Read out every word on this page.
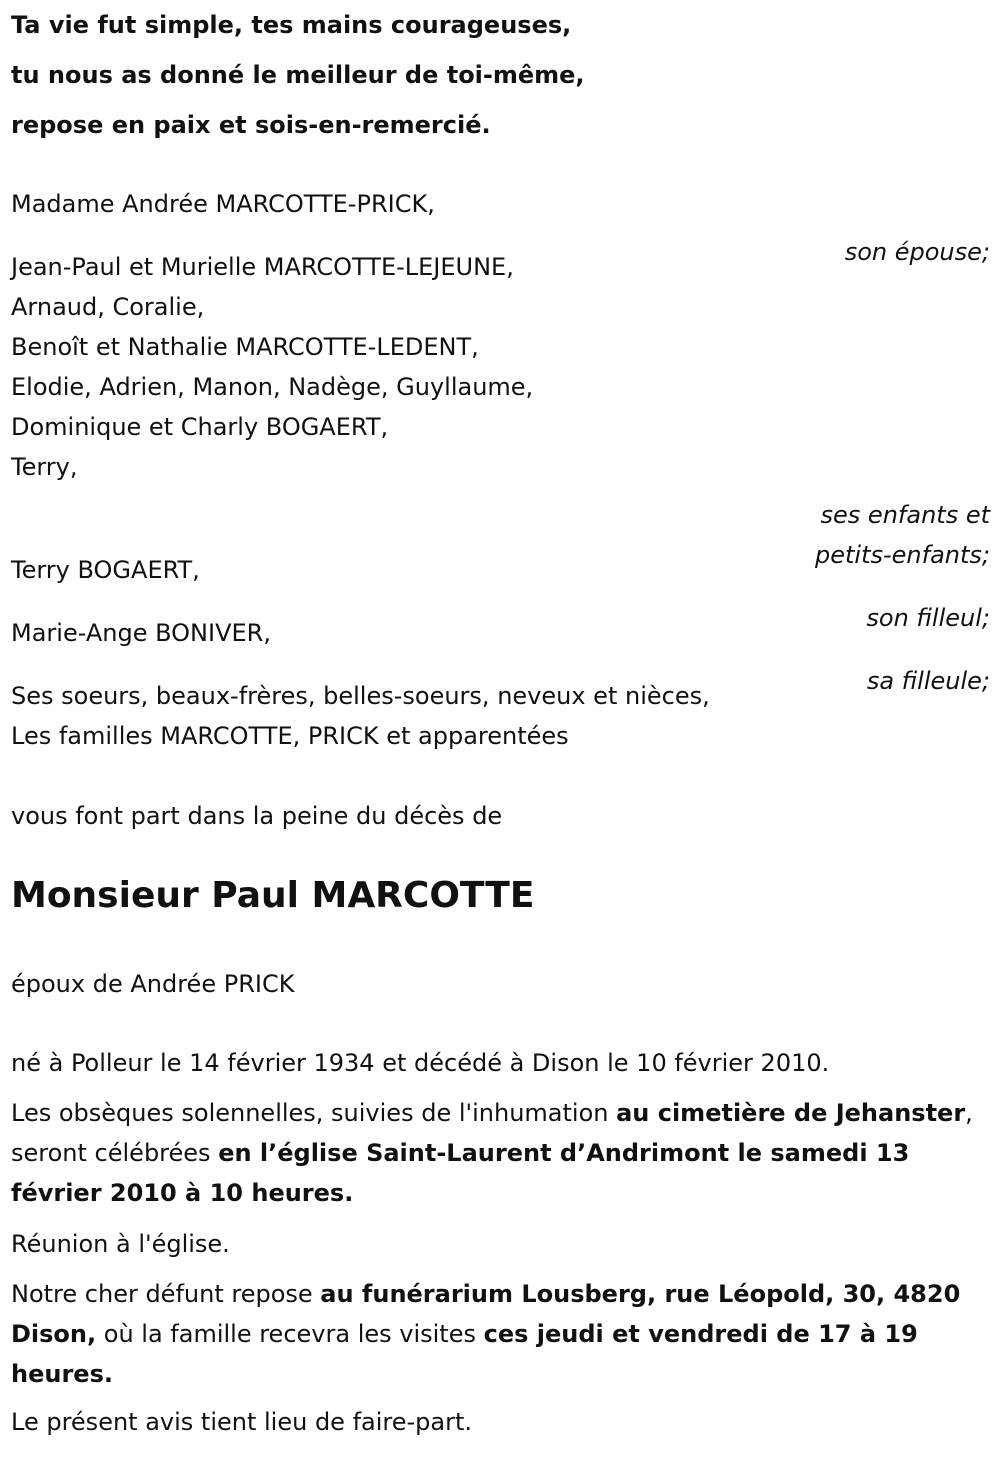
Ta vie fut simple, tes mains courageuses,

tu nous as donné le meilleur de toi-même,

repose en paix et sois-en-remercié.

Madame Andrée MARCOTTE-PRICK,

son épouse;

Jean-Paul et Murielle MARCOTTE-LEJEUNE,

Arnaud, Coralie,

Benoît et Nathalie MARCOTTE-LEDENT,

Elodie, Adrien, Manon, Nadège, Guyllaume,

Dominique et Charly BOGAERT,

Terry,

ses enfants et

petits-enfants;

Terry BOGAERT,

son filleul;

Marie-Ange BONIVER,

sa filleule;

Ses soeurs, beaux-frères, belles-soeurs, neveux et nièces,

Les familles MARCOTTE, PRICK et apparentées

vous font part dans la peine du décès de

Monsieur Paul MARCOTTE

époux de Andrée PRICK

né à Polleur le 14 février 1934 et décédé à Dison le 10 février 2010.

Les obsèques solennelles, suivies de l'inhumation au cimetière de Jehanster, seront célébrées en l’église Saint-Laurent d’Andrimont le samedi 13 février 2010 à 10 heures.

Réunion à l'église.

Notre cher défunt repose au funérarium Lousberg, rue Léopold, 30, 4820 Dison, où la famille recevra les visites ces jeudi et vendredi de 17 à 19 heures.

Le présent avis tient lieu de faire-part.
